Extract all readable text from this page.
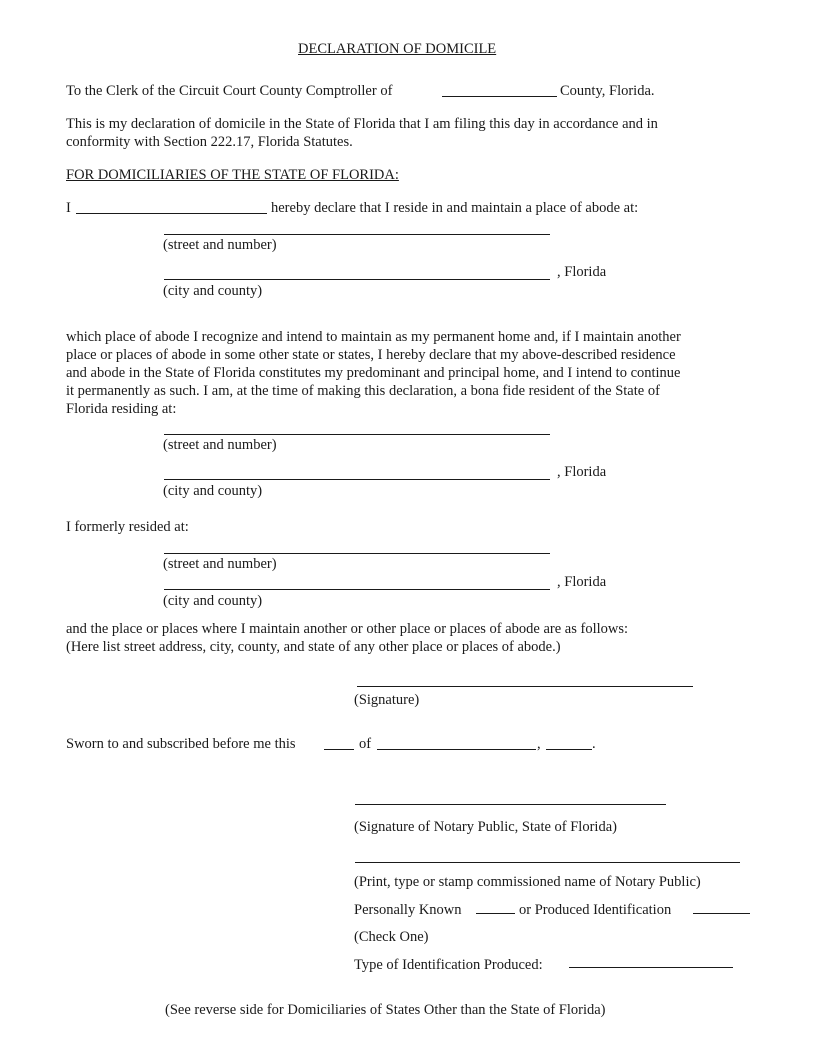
DECLARATION OF DOMICILE
To the Clerk of the Circuit Court County Comptroller of	County, Florida.
This is my declaration of domicile in the State of Florida that I am filing this day in accordance and in
conformity with Section 222.17, Florida Statutes.
FOR DOMICILIARIES OF THE STATE OF FLORIDA:
I	hereby declare that I reside in and maintain a place of abode at:
(street and number)
, Florida
(city and county)
which place of abode I recognize and intend to maintain as my permanent home and, if I maintain another
place or places of abode in some other state or states, I hereby declare that my above-described residence
and abode in the State of Florida constitutes my predominant and principal home, and I intend to continue
it permanently as such. I am, at the time of making this declaration, a bona fide resident of the State of
Florida residing at:
(street and number)
, Florida
(city and county)
I formerly resided at:
(street and number)
, Florida
(city and county)
and the place or places where I maintain another or other place or places of abode are as follows:
(Here list street address, city, county, and state of any other place or places of abode.)
(Signature)
Sworn to and subscribed before me this	of	,	.
(Signature of Notary Public, State of Florida)
(Print, type or stamp commissioned name of Notary Public)
Personally Known	or Produced Identification
(Check One)
Type of Identification Produced:
(See reverse side for Domiciliaries of States Other than the State of Florida)
